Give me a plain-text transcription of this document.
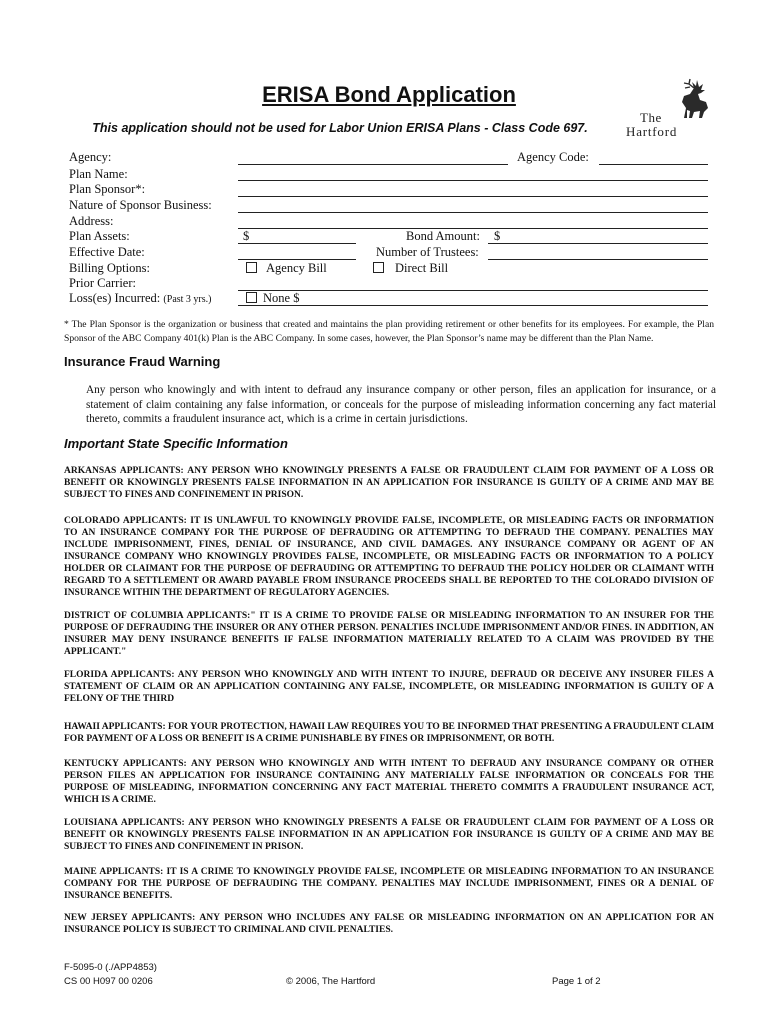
ERISA Bond Application
This application should not be used for Labor Union ERISA Plans - Class Code 697.
The
Hartford
Agency:	Agency Code:
Plan Name:
Plan Sponsor*:
Nature of Sponsor Business:
Address:
Plan Assets:	$	Bond Amount: $
Effective Date:	Number of Trustees:
Billing Options:	Agency Bill	Direct Bill
Prior Carrier:
Loss(es) Incurred: (Past 3 yrs.)	None $
* The Plan Sponsor is the organization or business that created and maintains the plan providing retirement or other benefits for its employees. For example, the Plan Sponsor of the ABC Company 401(k) Plan is the ABC Company. In some cases, however, the Plan Sponsor’s name may be different than the Plan Name.
Insurance Fraud Warning
Any person who knowingly and with intent to defraud any insurance company or other person, files an application for insurance, or a statement of claim containing any false information, or conceals for the purpose of misleading information concerning any fact material thereto, commits a fraudulent insurance act, which is a crime in certain jurisdictions.
Important State Specific Information
ARKANSAS APPLICANTS: ANY PERSON WHO KNOWINGLY PRESENTS A FALSE OR FRAUDULENT CLAIM FOR PAYMENT OF A LOSS OR BENEFIT OR KNOWINGLY PRESENTS FALSE INFORMATION IN AN APPLICATION FOR INSURANCE IS GUILTY OF A CRIME AND MAY BE SUBJECT TO FINES AND CONFINEMENT IN PRISON.
COLORADO APPLICANTS: IT IS UNLAWFUL TO KNOWINGLY PROVIDE FALSE, INCOMPLETE, OR MISLEADING FACTS OR INFORMATION TO AN INSURANCE COMPANY FOR THE PURPOSE OF DEFRAUDING OR ATTEMPTING TO DEFRAUD THE COMPANY. PENALTIES MAY INCLUDE IMPRISONMENT, FINES, DENIAL OF INSURANCE, AND CIVIL DAMAGES. ANY INSURANCE COMPANY OR AGENT OF AN INSURANCE COMPANY WHO KNOWINGLY PROVIDES FALSE, INCOMPLETE, OR MISLEADING FACTS OR INFORMATION TO A POLICY HOLDER OR CLAIMANT FOR THE PURPOSE OF DEFRAUDING OR ATTEMPTING TO DEFRAUD THE POLICY HOLDER OR CLAIMANT WITH REGARD TO A SETTLEMENT OR AWARD PAYABLE FROM INSURANCE PROCEEDS SHALL BE REPORTED TO THE COLORADO DIVISION OF INSURANCE WITHIN THE DEPARTMENT OF REGULATORY AGENCIES.
DISTRICT OF COLUMBIA APPLICANTS:" IT IS A CRIME TO PROVIDE FALSE OR MISLEADING INFORMATION TO AN INSURER FOR THE PURPOSE OF DEFRAUDING THE INSURER OR ANY OTHER PERSON. PENALTIES INCLUDE IMPRISONMENT AND/OR FINES. IN ADDITION, AN INSURER MAY DENY INSURANCE BENEFITS IF FALSE INFORMATION MATERIALLY RELATED TO A CLAIM WAS PROVIDED BY THE APPLICANT."
FLORIDA APPLICANTS: ANY PERSON WHO KNOWINGLY AND WITH INTENT TO INJURE, DEFRAUD OR DECEIVE ANY INSURER FILES A STATEMENT OF CLAIM OR AN APPLICATION CONTAINING ANY FALSE, INCOMPLETE, OR MISLEADING INFORMATION IS GUILTY OF A FELONY OF THE THIRD
HAWAII APPLICANTS: FOR YOUR PROTECTION, HAWAII LAW REQUIRES YOU TO BE INFORMED THAT PRESENTING A FRAUDULENT CLAIM FOR PAYMENT OF A LOSS OR BENEFIT IS A CRIME PUNISHABLE BY FINES OR IMPRISONMENT, OR BOTH.
KENTUCKY APPLICANTS: ANY PERSON WHO KNOWINGLY AND WITH INTENT TO DEFRAUD ANY INSURANCE COMPANY OR OTHER PERSON FILES AN APPLICATION FOR INSURANCE CONTAINING ANY MATERIALLY FALSE INFORMATION OR CONCEALS FOR THE PURPOSE OF MISLEADING, INFORMATION CONCERNING ANY FACT MATERIAL THERETO COMMITS A FRAUDULENT INSURANCE ACT, WHICH IS A CRIME.
LOUISIANA APPLICANTS: ANY PERSON WHO KNOWINGLY PRESENTS A FALSE OR FRAUDULENT CLAIM FOR PAYMENT OF A LOSS OR BENEFIT OR KNOWINGLY PRESENTS FALSE INFORMATION IN AN APPLICATION FOR INSURANCE IS GUILTY OF A CRIME AND MAY BE SUBJECT TO FINES AND CONFINEMENT IN PRISON.
MAINE APPLICANTS: IT IS A CRIME TO KNOWINGLY PROVIDE FALSE, INCOMPLETE OR MISLEADING INFORMATION TO AN INSURANCE COMPANY FOR THE PURPOSE OF DEFRAUDING THE COMPANY. PENALTIES MAY INCLUDE IMPRISONMENT, FINES OR A DENIAL OF INSURANCE BENEFITS.
NEW JERSEY APPLICANTS: ANY PERSON WHO INCLUDES ANY FALSE OR MISLEADING INFORMATION ON AN APPLICATION FOR AN INSURANCE POLICY IS SUBJECT TO CRIMINAL AND CIVIL PENALTIES.
F-5095-0 (./APP4853)
CS 00 H097 00 0206	© 2006, The Hartford	Page 1 of 2
